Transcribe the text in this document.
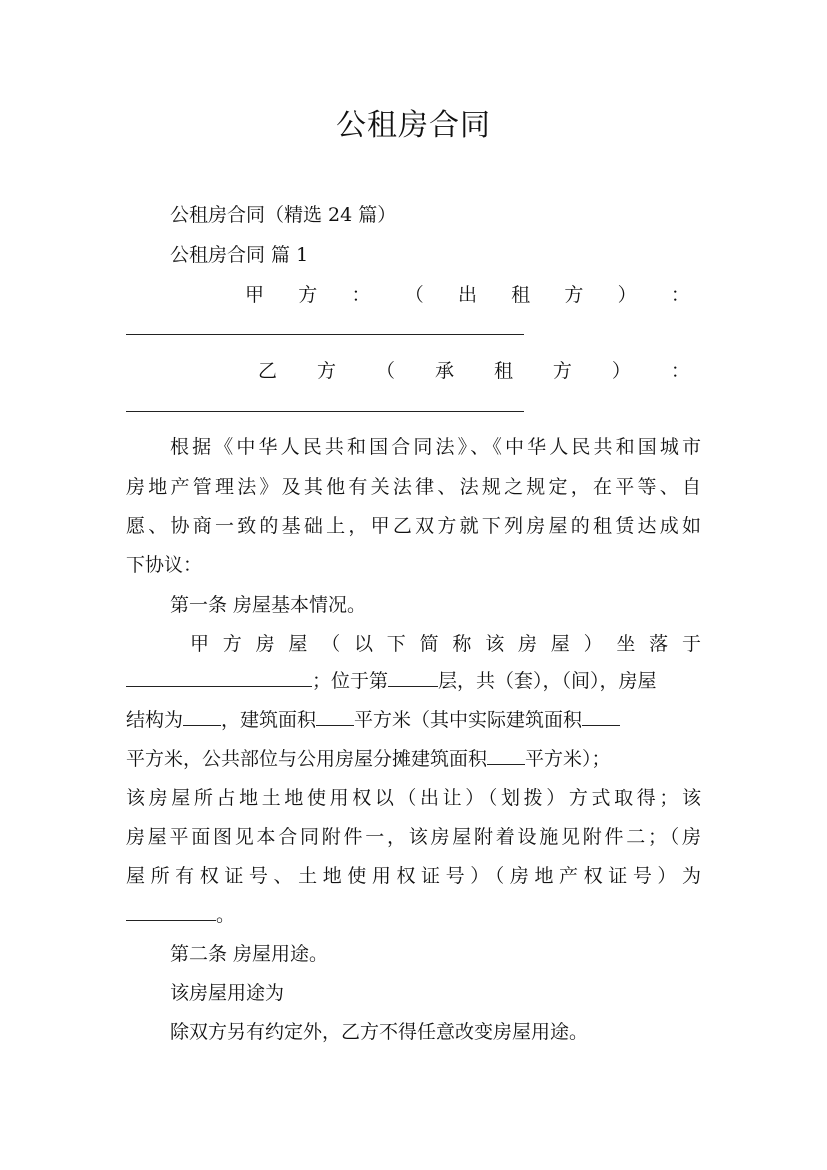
公租房合同
公租房合同（精选 24 篇）
公租房合同 篇 1
甲 方 ： （ 出 租 方 ） ：
乙 方 （ 承 租 方 ） ：
根据《中华人民共和国合同法》、《中华人民共和国城市
房地产管理法》及其他有关法律、法规之规定，在平等、自
愿、协商一致的基础上，甲乙双方就下列房屋的租赁达成如
下协议：
第一条 房屋基本情况。
甲 方 房 屋 （ 以 下 简 称 该 房 屋 ） 坐 落 于
；位于第	层，共（套），（间），房屋
结构为 ，建筑面积 平方米（其中实际建筑面积
平方米，公共部位与公用房屋分摊建筑面积 平方米）；
该房屋所占地土地使用权以（出让）（划拨）方式取得；该
房屋平面图见本合同附件一，该房屋附着设施见附件二；（房
屋所有权证号、土地使用权证号）（房地产权证号）为
。
第二条 房屋用途。
该房屋用途为
除双方另有约定外，乙方不得任意改变房屋用途。
